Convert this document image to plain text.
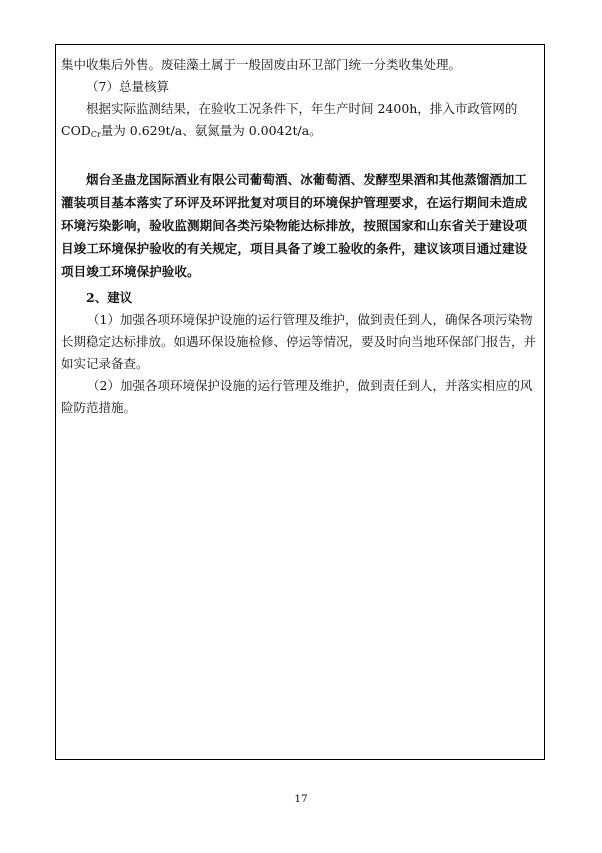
集中收集后外售。废硅藻土属于一般固废由环卫部门统一分类收集处理。

（7）总量核算

根据实际监测结果，在验收工况条件下，年生产时间 2400h，排入市政管网的 $COD_{Cr}$量为 0.629t/a、氨氮量为 0.0042t/a。

烟台圣蛊龙国际酒业有限公司葡萄酒、冰葡萄酒、发酵型果酒和其他蒸馏酒加工灌装项目基本落实了环评及环评批复对项目的环境保护管理要求，在运行期间未造成环境污染影响，验收监测期间各类污染物能达标排放，按照国家和山东省关于建设项目竣工环境保护验收的有关规定，项目具备了竣工验收的条件，建议该项目通过建设项目竣工环境保护验收。

2、建议

（1）加强各项环境保护设施的运行管理及维护，做到责任到人，确保各项污染物长期稳定达标排放。如遇环保设施检修、停运等情况，要及时向当地环保部门报告，并如实记录备查。

（2）加强各项环境保护设施的运行管理及维护，做到责任到人，并落实相应的风险防范措施。

17
